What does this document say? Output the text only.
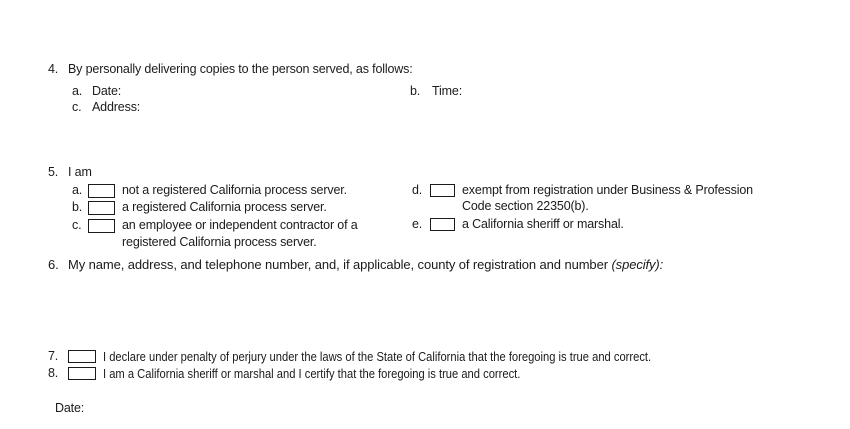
4. By personally delivering copies to the person served, as follows:
a. Date:	b. Time:
c. Address:
5. I am
a.	not a registered California process server.
b.	a registered California process server.
c.	an employee or independent contractor of a
registered California process server.
d.	exempt from registration under Business & Profession
Code section 22350(b).
e.	a California sheriff or marshal.
6. My name, address, and telephone number, and, if applicable, county of registration and number (specify):
7.	I declare under penalty of perjury under the laws of the State of California that the foregoing is true and correct.
8.	I am a California sheriff or marshal and I certify that the foregoing is true and correct.
Date:
